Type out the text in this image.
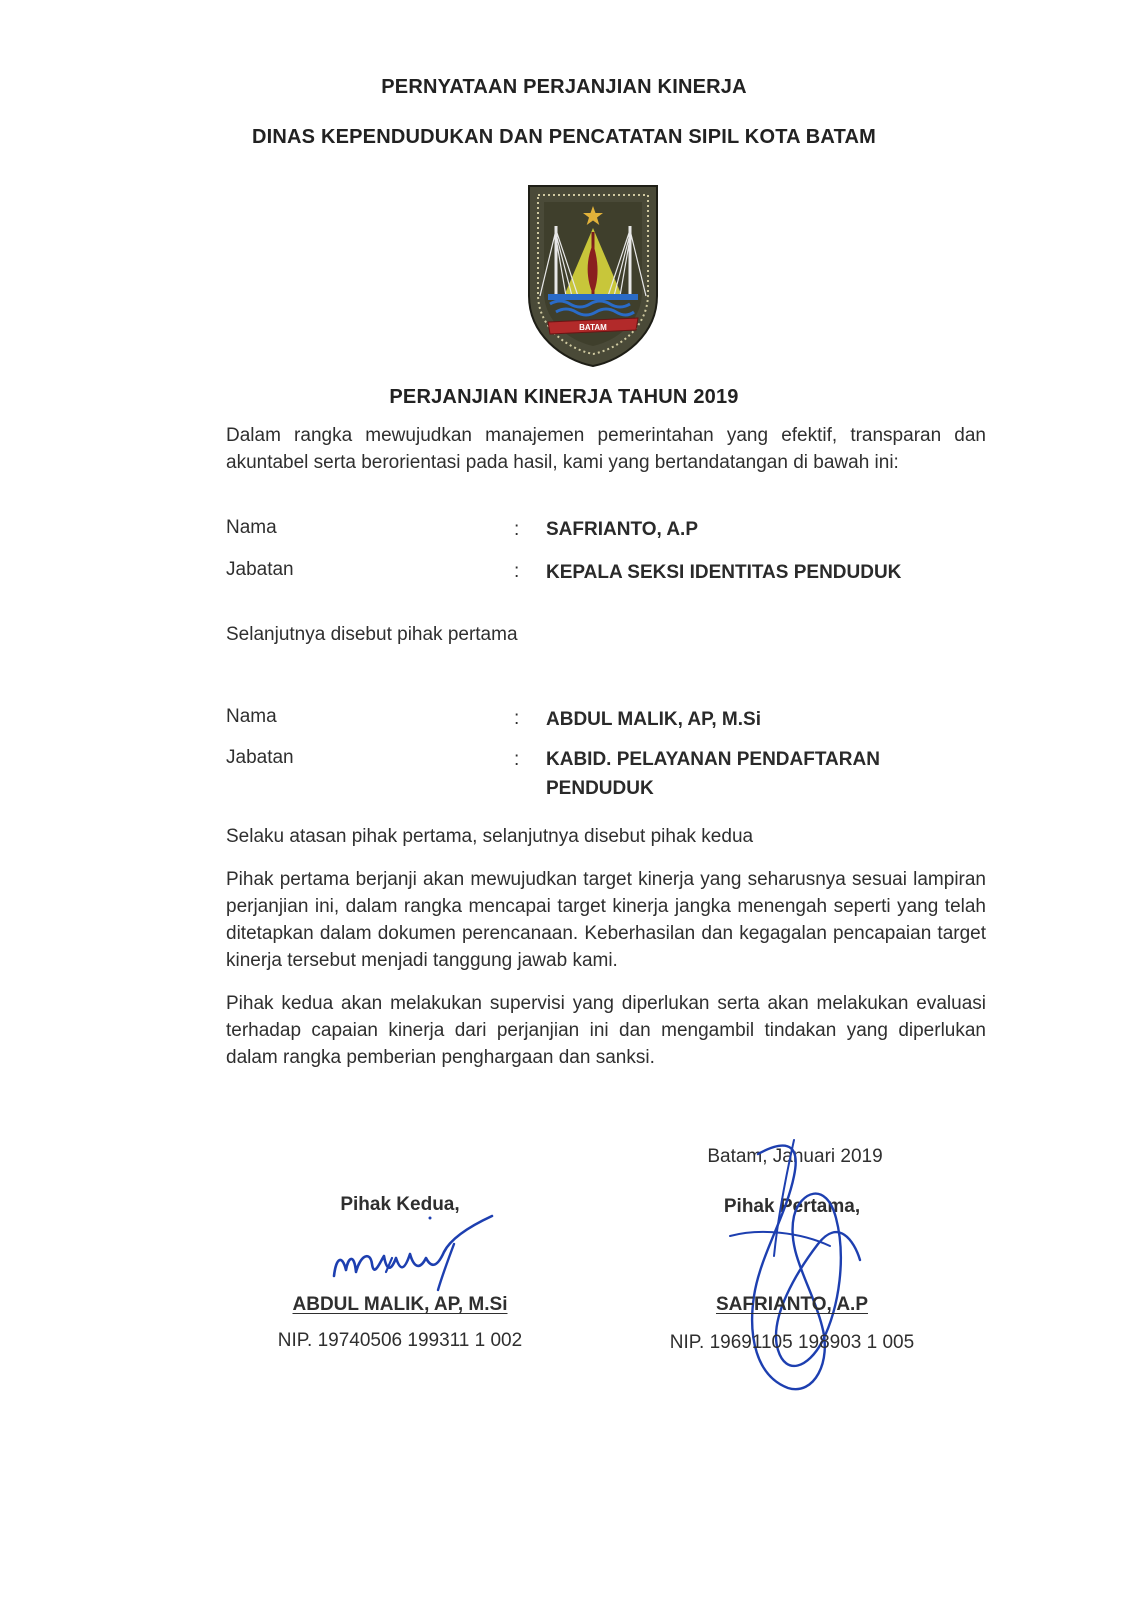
PERNYATAAN PERJANJIAN KINERJA
DINAS KEPENDUDUKAN DAN PENCATATAN SIPIL KOTA BATAM
BATAM
PERJANJIAN KINERJA TAHUN 2019
Dalam rangka mewujudkan manajemen pemerintahan yang efektif, transparan dan akuntabel serta berorientasi pada hasil, kami yang bertandatangan di bawah ini:
Nama	: SAFRIANTO, A.P
Jabatan	: KEPALA SEKSI IDENTITAS PENDUDUK
Selanjutnya disebut pihak pertama
Nama	: ABDUL MALIK, AP, M.Si
Jabatan	: KABID. PELAYANAN PENDAFTARAN
PENDUDUK
Selaku atasan pihak pertama, selanjutnya disebut pihak kedua
Pihak pertama berjanji akan mewujudkan target kinerja yang seharusnya sesuai lampiran perjanjian ini, dalam rangka mencapai target kinerja jangka menengah seperti yang telah ditetapkan dalam dokumen perencanaan. Keberhasilan dan kegagalan pencapaian target kinerja tersebut menjadi tanggung jawab kami.
Pihak kedua akan melakukan supervisi yang diperlukan serta akan melakukan evaluasi terhadap capaian kinerja dari perjanjian ini dan mengambil tindakan yang diperlukan dalam rangka pemberian penghargaan dan sanksi.
Batam, Januari 2019
Pihak Kedua,	Pihak Pertama,
ABDUL MALIK, AP, M.Si	SAFRIANTO, A.P
NIP. 19740506 199311 1 002	NIP. 19691105 198903 1 005
